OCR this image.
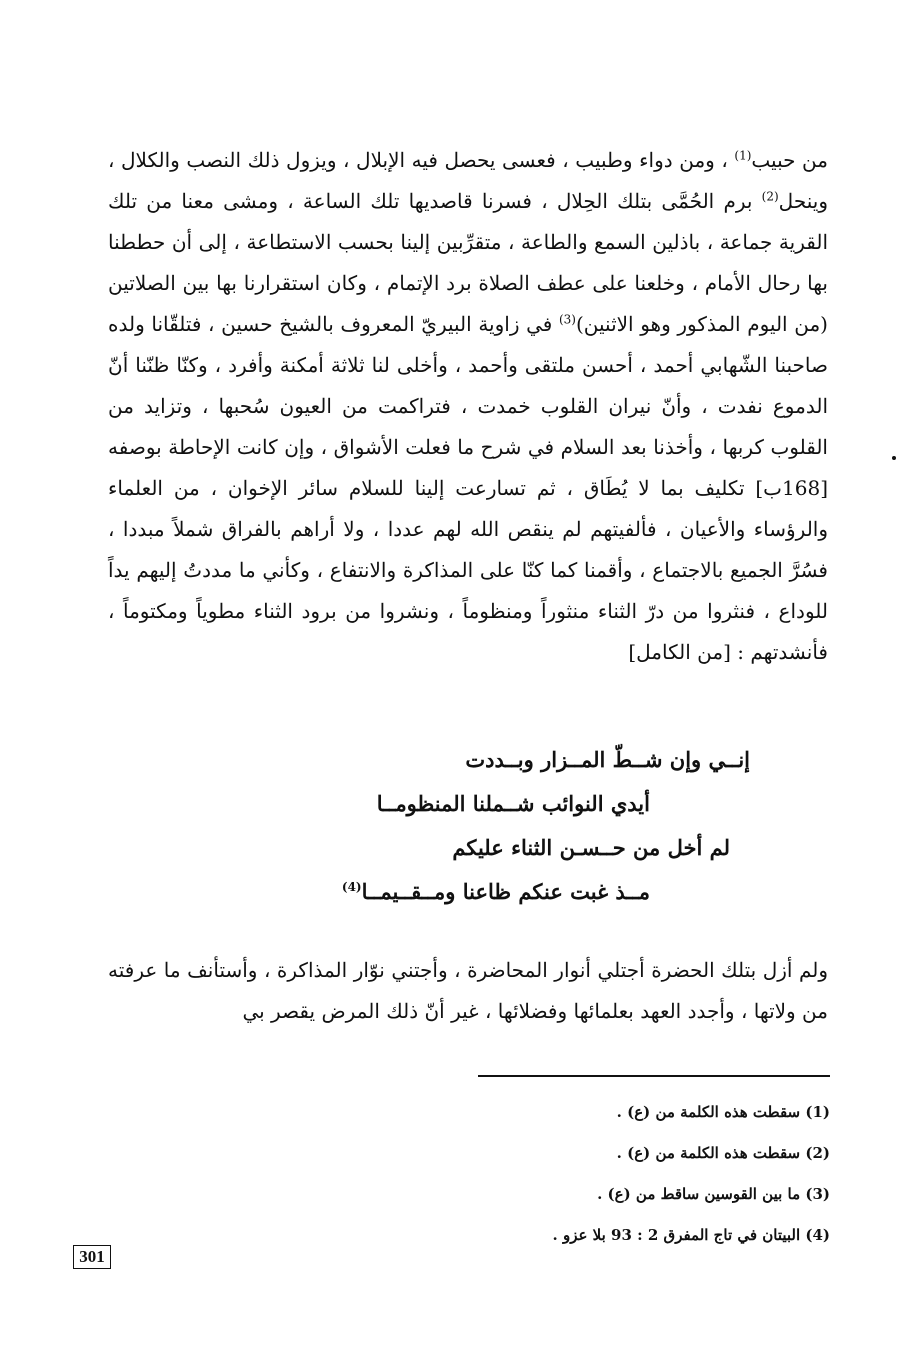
من حبيب$^{(1)}$ ، ومن دواء وطبيب ، فعسى يحصل فيه الإبلال ، ويزول ذلك النصب والكلال ، وينحل$^{(2)}$ برم الحُمَّى بتلك الحِلال ، فسرنا قاصديها تلك الساعة ، ومشى معنا من تلك القرية جماعة ، باذلين السمع والطاعة ، متقرِّبين إلينا بحسب الاستطاعة ، إلى أن حططنا بها رحال الأمام ، وخلعنا على عطف الصلاة برد الإتمام ، وكان استقرارنا بها بين الصلاتين (من اليوم المذكور وهو الاثنين)$^{(3)}$ في زاوية البيريّ المعروف بالشيخ حسين ، فتلقّانا ولده صاحبنا الشّهابي أحمد ، أحسن ملتقى وأحمد ، وأخلى لنا ثلاثة أمكنة وأفرد ، وكنّا ظنّنا أنّ الدموع نفدت ، وأنّ نيران القلوب خمدت ، فتراكمت من العيون سُحبها ، وتزايد من القلوب كربها ، وأخذنا بعد السلام في شرح ما فعلت الأشواق ، وإن كانت الإحاطة بوصفه [168ب] تكليف بما لا يُطَاق ، ثم تسارعت إلينا للسلام سائر الإخوان ، من العلماء والرؤساء والأعيان ، فألفيتهم لم ينقص الله لهم عددا ، ولا أراهم بالفراق شملاً مبددا ، فسُرَّ الجميع بالاجتماع ، وأقمنا كما كنّا على المذاكرة والانتفاع ، وكأني ما مددتُ إليهم يداً للوداع ، فنثروا من درّ الثناء منثوراً ومنظوماً ، ونشروا من برود الثناء مطوياً ومكتوماً ، فأنشدتهم : [من الكامل]

إنــي وإن شــطّ المــزار وبــددت
أيدي النوائب شــملنا المنظومــا
لم أخل من حــسـن الثناء عليكم
مــذ غبت عنكم ظاعنا ومــقــيمــا$^{(4)}$

ولم أزل بتلك الحضرة أجتلي أنوار المحاضرة ، وأجتني نوّار المذاكرة ، وأستأنف ما عرفته من ولاتها ، وأجدد العهد بعلمائها وفضلائها ، غير أنّ ذلك المرض يقصر بي

(1) سقطت هذه الكلمة من (ع) .
(2) سقطت هذه الكلمة من (ع) .
(3) ما بين القوسين ساقط من (ع) .
(4) البيتان في تاج المفرق 2 : 93 بلا عزو .
301
